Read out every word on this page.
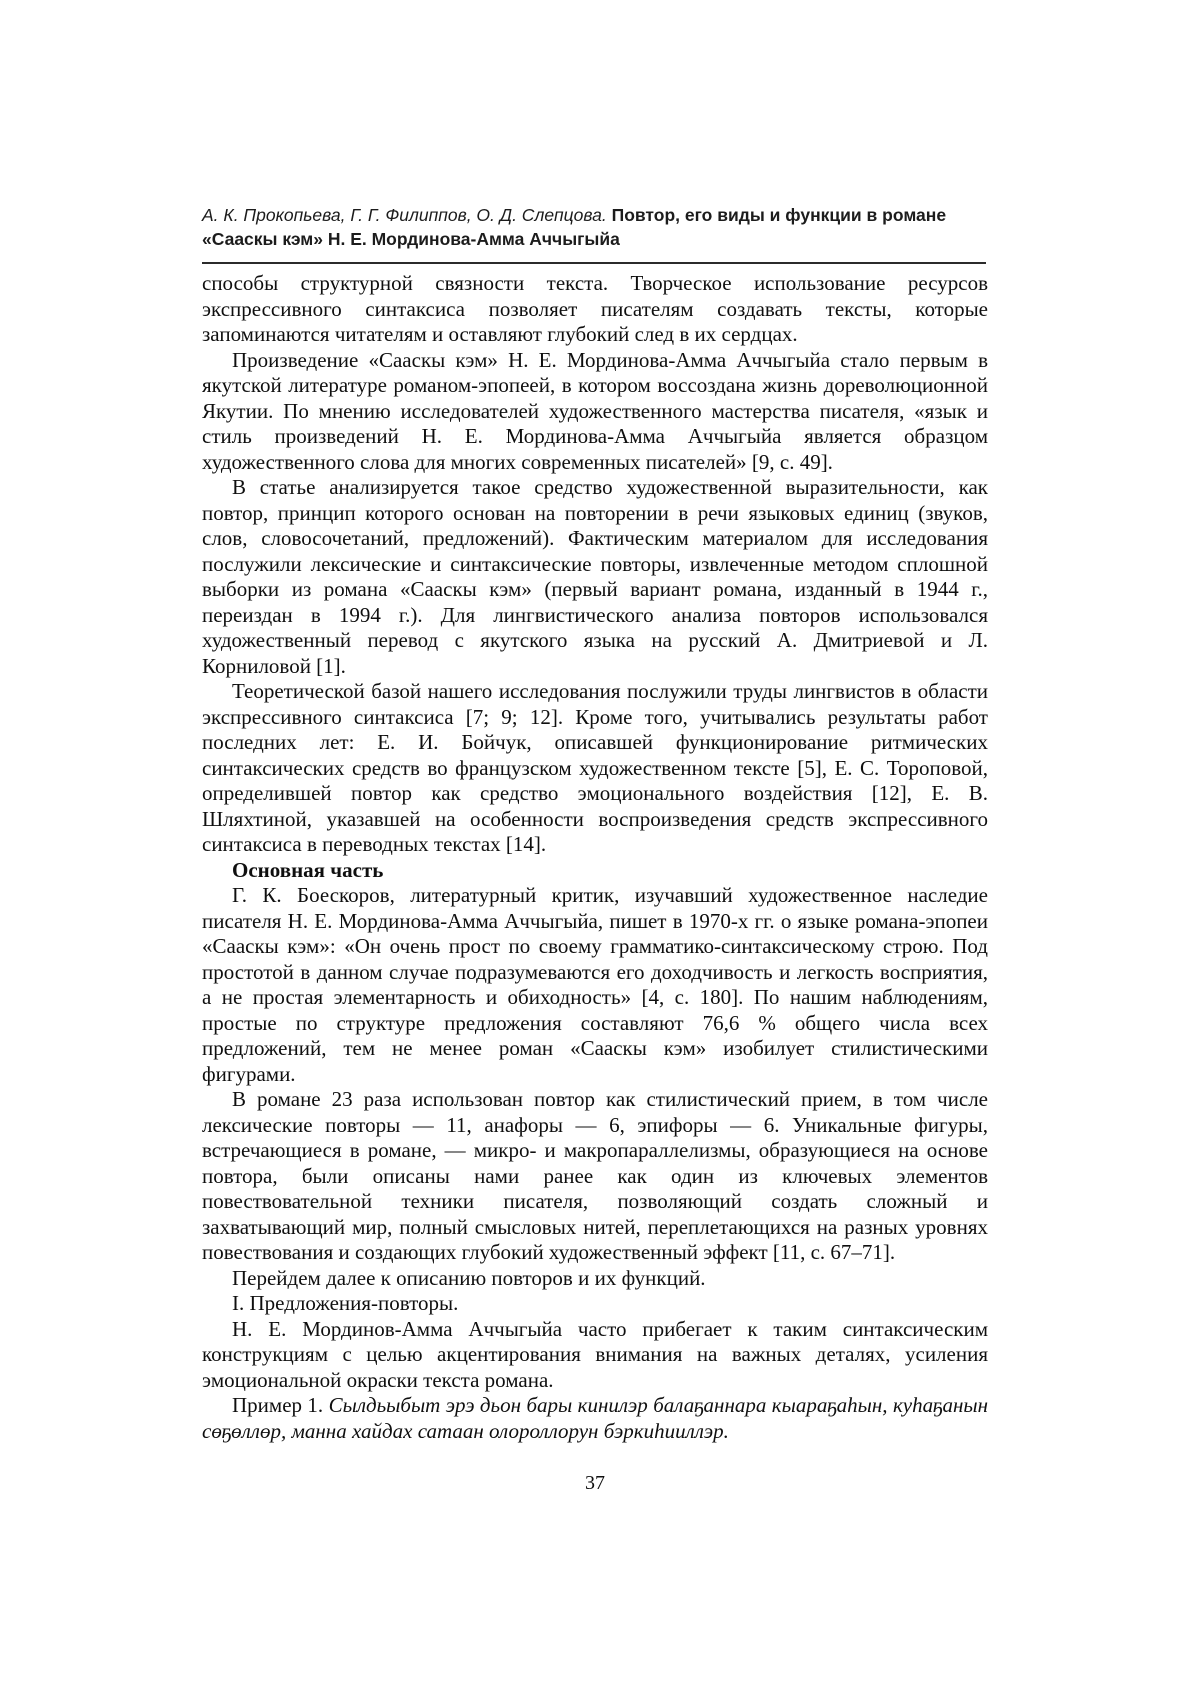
А. К. Прокопьева, Г. Г. Филиппов, О. Д. Слепцова. Повтор, его виды и функции в романе «Сааскы кэм» Н. Е. Мординова-Амма Аччыгыйа

способы структурной связности текста. Творческое использование ресурсов экспрессивного синтаксиса позволяет писателям создавать тексты, которые запоминаются читателям и оставляют глубокий след в их сердцах.

Произведение «Сааскы кэм» Н. Е. Мординова-Амма Аччыгыйа стало первым в якутской литературе романом-эпопеей, в котором воссоздана жизнь дореволюционной Якутии. По мнению исследователей художественного мастерства писателя, «язык и стиль произведений Н. Е. Мординова-Амма Аччыгыйа является образцом художественного слова для многих современных писателей» [9, с. 49].

В статье анализируется такое средство художественной выразительности, как повтор, принцип которого основан на повторении в речи языковых единиц (звуков, слов, словосочетаний, предложений). Фактическим материалом для исследования послужили лексические и синтаксические повторы, извлеченные методом сплошной выборки из романа «Сааскы кэм» (первый вариант романа, изданный в 1944 г., переиздан в 1994 г.). Для лингвистического анализа повторов использовался художественный перевод с якутского языка на русский А. Дмитриевой и Л. Корниловой [1].

Теоретической базой нашего исследования послужили труды лингвистов в области экспрессивного синтаксиса [7; 9; 12]. Кроме того, учитывались результаты работ последних лет: Е. И. Бойчук, описавшей функционирование ритмических синтаксических средств во французском художественном тексте [5], Е. С. Тороповой, определившей повтор как средство эмоционального воздействия [12], Е. В. Шляхтиной, указавшей на особенности воспроизведения средств экспрессивного синтаксиса в переводных текстах [14].

Основная часть

Г. К. Боескоров, литературный критик, изучавший художественное наследие писателя Н. Е. Мординова-Амма Аччыгыйа, пишет в 1970-х гг. о языке романа-эпопеи «Сааскы кэм»: «Он очень прост по своему грамматико-синтаксическому строю. Под простотой в данном случае подразумеваются его доходчивость и легкость восприятия, а не простая элементарность и обиходность» [4, с. 180]. По нашим наблюдениям, простые по структуре предложения составляют 76,6 % общего числа всех предложений, тем не менее роман «Сааскы кэм» изобилует стилистическими фигурами.

В романе 23 раза использован повтор как стилистический прием, в том числе лексические повторы — 11, анафоры — 6, эпифоры — 6. Уникальные фигуры, встречающиеся в романе, — микро- и макропараллелизмы, образующиеся на основе повтора, были описаны нами ранее как один из ключевых элементов повествовательной техники писателя, позволяющий создать сложный и захватывающий мир, полный смысловых нитей, переплетающихся на разных уровнях повествования и создающих глубокий художественный эффект [11, с. 67–71].

Перейдем далее к описанию повторов и их функций.

I. Предложения-повторы.

Н. Е. Мординов-Амма Аччыгыйа часто прибегает к таким синтаксическим конструкциям с целью акцентирования внимания на важных деталях, усиления эмоциональной окраски текста романа.

Пример 1. Сылдьыбыт эрэ дьон бары кинилэр балаҕаннара кыараҕаһын, куһаҕанын сөҕөллөр, манна хайдах сатаан олороллорун бэркиһииллэр.

37
